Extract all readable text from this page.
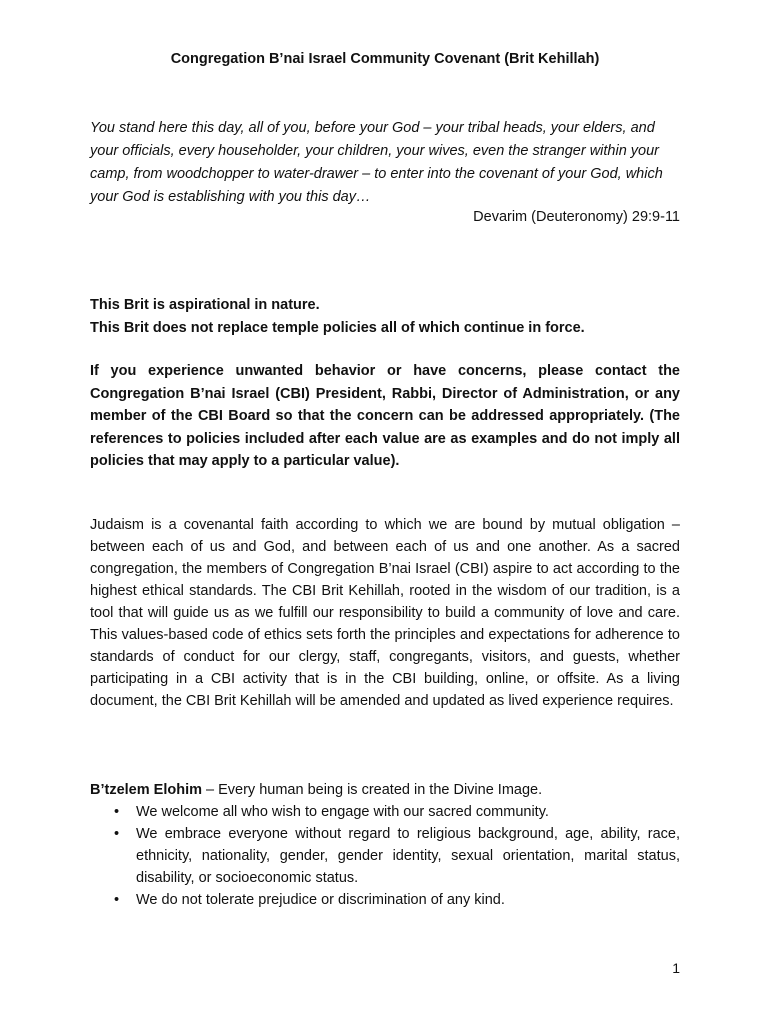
Congregation B’nai Israel Community Covenant (Brit Kehillah)

You stand here this day, all of you, before your God – your tribal heads, your elders, and your officials, every householder, your children, your wives, even the stranger within your camp, from woodchopper to water-drawer – to enter into the covenant of your God, which your God is establishing with you this day…

Devarim (Deuteronomy) 29:9-11

This Brit is aspirational in nature.
This Brit does not replace temple policies all of which continue in force.

If you experience unwanted behavior or have concerns, please contact the Congregation B’nai Israel (CBI) President, Rabbi, Director of Administration, or any member of the CBI Board so that the concern can be addressed appropriately. (The references to policies included after each value are as examples and do not imply all policies that may apply to a particular value).

Judaism is a covenantal faith according to which we are bound by mutual obligation – between each of us and God, and between each of us and one another. As a sacred congregation, the members of Congregation B’nai Israel (CBI) aspire to act according to the highest ethical standards. The CBI Brit Kehillah, rooted in the wisdom of our tradition, is a tool that will guide us as we fulfill our responsibility to build a community of love and care. This values-based code of ethics sets forth the principles and expectations for adherence to standards of conduct for our clergy, staff, congregants, visitors, and guests, whether participating in a CBI activity that is in the CBI building, online, or offsite. As a living document, the CBI Brit Kehillah will be amended and updated as lived experience requires.

B’tzelem Elohim – Every human being is created in the Divine Image.

• We welcome all who wish to engage with our sacred community.
• We embrace everyone without regard to religious background, age, ability, race, ethnicity, nationality, gender, gender identity, sexual orientation, marital status, disability, or socioeconomic status.
• We do not tolerate prejudice or discrimination of any kind.

1
